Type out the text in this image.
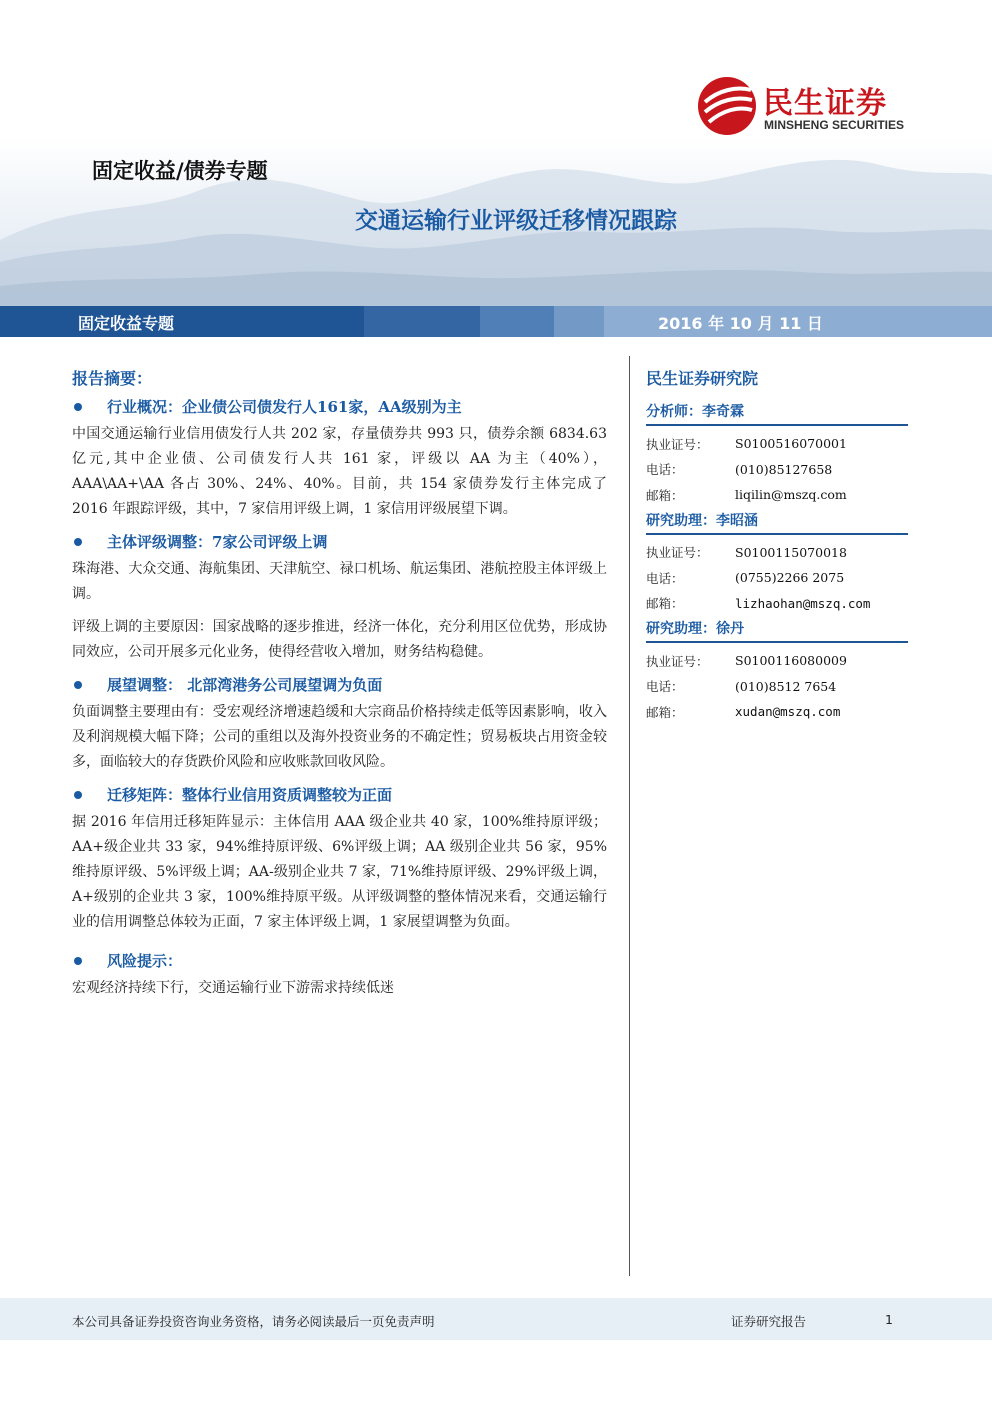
民生证券
MINSHENG SECURITIES
固定收益/债券专题
交通运输行业评级迁移情况跟踪
固定收益专题	2016 年 10 月 11 日
报告摘要：
行业概况：企业债公司债发行人161家，AA级别为主
中国交通运输行业信用债发行人共 202 家，存量债券共 993 只，债券余额 6834.63 亿元,其中企业债、公司债发行人共 161 家，评级以 AA 为主（40%），AAA\AA+\AA 各占 30%、24%、40%。目前，共 154 家债券发行主体完成了 2016 年跟踪评级，其中，7 家信用评级上调，1 家信用评级展望下调。
主体评级调整：7家公司评级上调
珠海港、大众交通、海航集团、天津航空、禄口机场、航运集团、港航控股主体评级上调。
评级上调的主要原因：国家战略的逐步推进，经济一体化，充分利用区位优势，形成协同效应，公司开展多元化业务，使得经营收入增加，财务结构稳健。
展望调整： 北部湾港务公司展望调为负面
负面调整主要理由有：受宏观经济增速趋缓和大宗商品价格持续走低等因素影响，收入及利润规模大幅下降；公司的重组以及海外投资业务的不确定性；贸易板块占用资金较多，面临较大的存货跌价风险和应收账款回收风险。
迁移矩阵：整体行业信用资质调整较为正面
据 2016 年信用迁移矩阵显示：主体信用 AAA 级企业共 40 家，100%维持原评级；AA+级企业共 33 家，94%维持原评级、6%评级上调；AA 级别企业共 56 家，95%维持原评级、5%评级上调；AA-级别企业共 7 家，71%维持原评级、29%评级上调，A+级别的企业共 3 家，100%维持原平级。从评级调整的整体情况来看，交通运输行业的信用调整总体较为正面，7 家主体评级上调，1 家展望调整为负面。
风险提示：
宏观经济持续下行，交通运输行业下游需求持续低迷
民生证券研究院
分析师：李奇霖
执业证号：	S0100516070001
电话：	(010)85127658
邮箱：	liqilin@mszq.com
研究助理：李昭涵
执业证号：	S0100115070018
电话：	(0755)2266 2075
邮箱：	lizhaohan@mszq.com
研究助理：徐丹
执业证号：	S0100116080009
电话：	(010)8512 7654
邮箱：	xudan@mszq.com
本公司具备证券投资咨询业务资格，请务必阅读最后一页免责声明	证券研究报告	1
